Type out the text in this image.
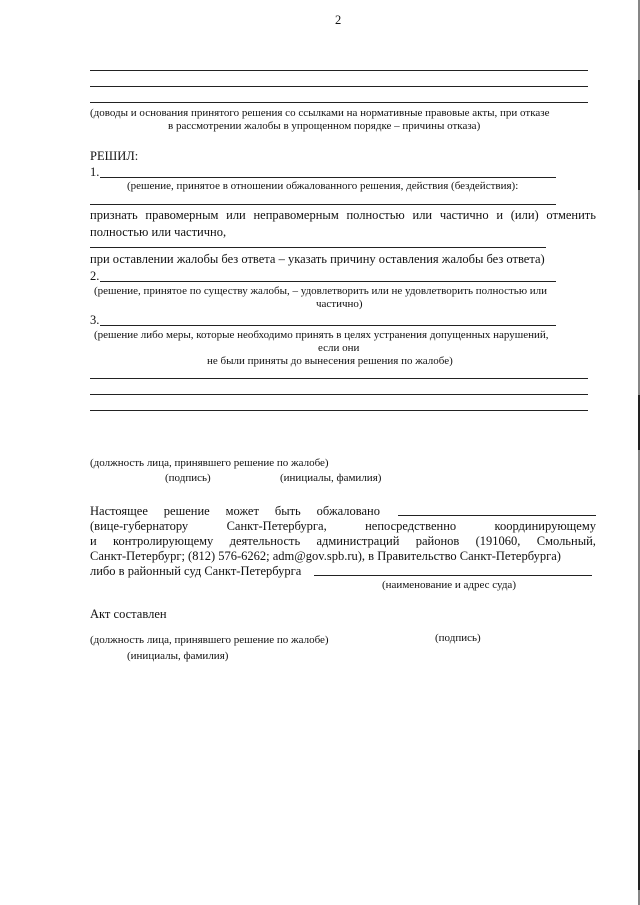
2
(доводы и основания принятого решения со ссылками на нормативные правовые акты, при отказе
в рассмотрении жалобы в упрощенном порядке – причины отказа)
РЕШИЛ:
1.
(решение, принятое в отношении обжалованного решения, действия (бездействия):
признать правомерным или неправомерным полностью или частично и (или) отменить
полностью или частично,
при оставлении жалобы без ответа – указать причину оставления жалобы без ответа)
2.
(решение, принятое по существу жалобы, – удовлетворить или не удовлетворить полностью или
частично)
3.
(решение либо меры, которые необходимо принять в целях устранения допущенных нарушений,
если они
не были приняты до вынесения решения по жалобе)
(должность лица, принявшего решение по жалобе)
(подпись)	(инициалы, фамилия)
Настоящее решение может быть обжаловано
(вице-губернатору	Санкт-Петербурга,	непосредственно	координирующему
и контролирующему деятельность администраций районов (191060, Смольный,
Санкт-Петербург; (812) 576-6262; adm@gov.spb.ru), в Правительство Санкт-Петербурга)
либо в районный суд Санкт-Петербурга
(наименование и адрес суда)
Акт составлен
(должность лица, принявшего решение по жалобе)	(подпись)
(инициалы, фамилия)
